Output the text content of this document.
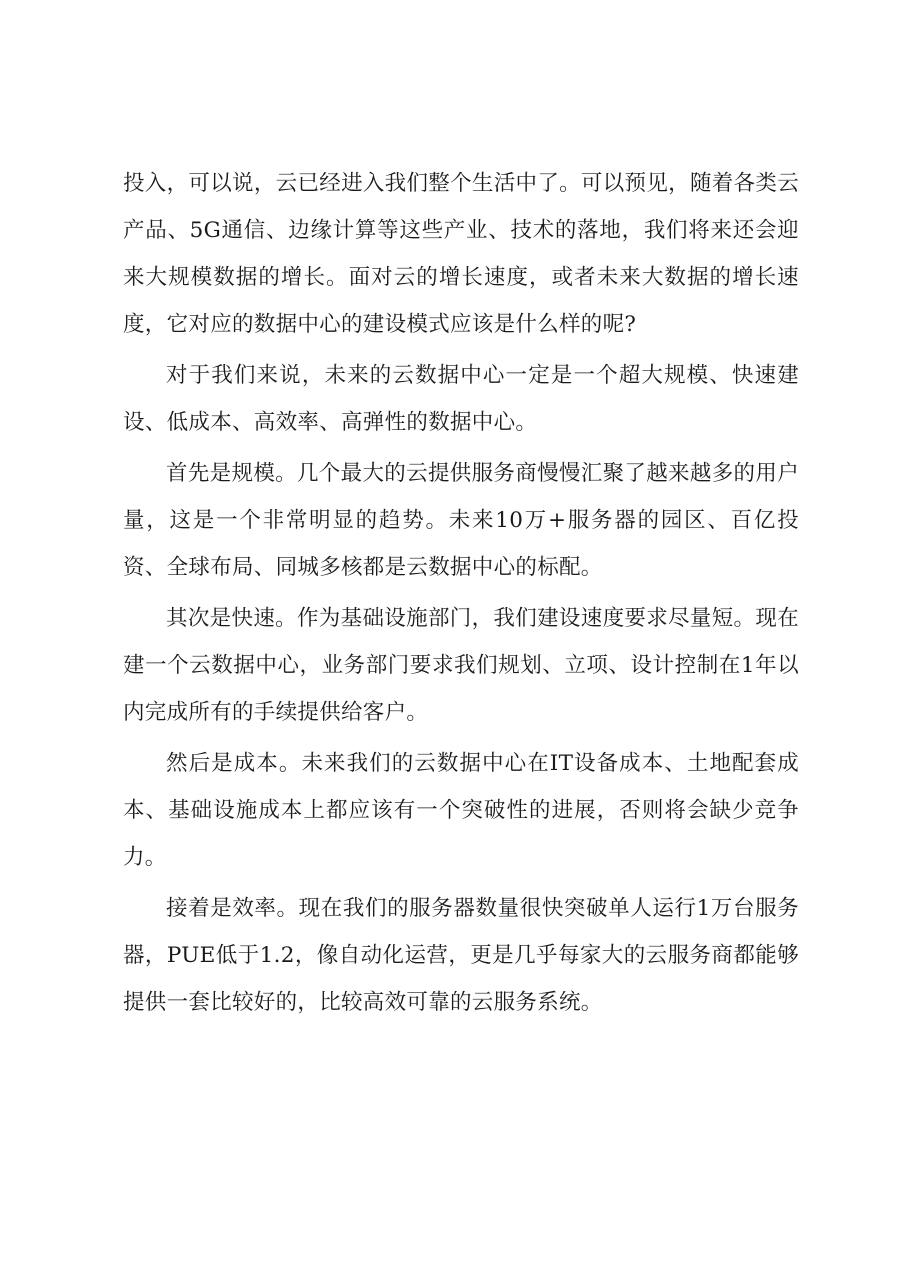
投入，可以说，云已经进入我们整个生活中了。可以预见，随着各类云产品、5G通信、边缘计算等这些产业、技术的落地，我们将来还会迎来大规模数据的增长。面对云的增长速度，或者未来大数据的增长速度，它对应的数据中心的建设模式应该是什么样的呢?

对于我们来说，未来的云数据中心一定是一个超大规模、快速建设、低成本、高效率、高弹性的数据中心。

首先是规模。几个最大的云提供服务商慢慢汇聚了越来越多的用户量，这是一个非常明显的趋势。未来10万+服务器的园区、百亿投资、全球布局、同城多核都是云数据中心的标配。

其次是快速。作为基础设施部门，我们建设速度要求尽量短。现在建一个云数据中心，业务部门要求我们规划、立项、设计控制在1年以内完成所有的手续提供给客户。

然后是成本。未来我们的云数据中心在IT设备成本、土地配套成本、基础设施成本上都应该有一个突破性的进展，否则将会缺少竞争力。

接着是效率。现在我们的服务器数量很快突破单人运行1万台服务器，PUE低于1.2，像自动化运营，更是几乎每家大的云服务商都能够提供一套比较好的，比较高效可靠的云服务系统。
